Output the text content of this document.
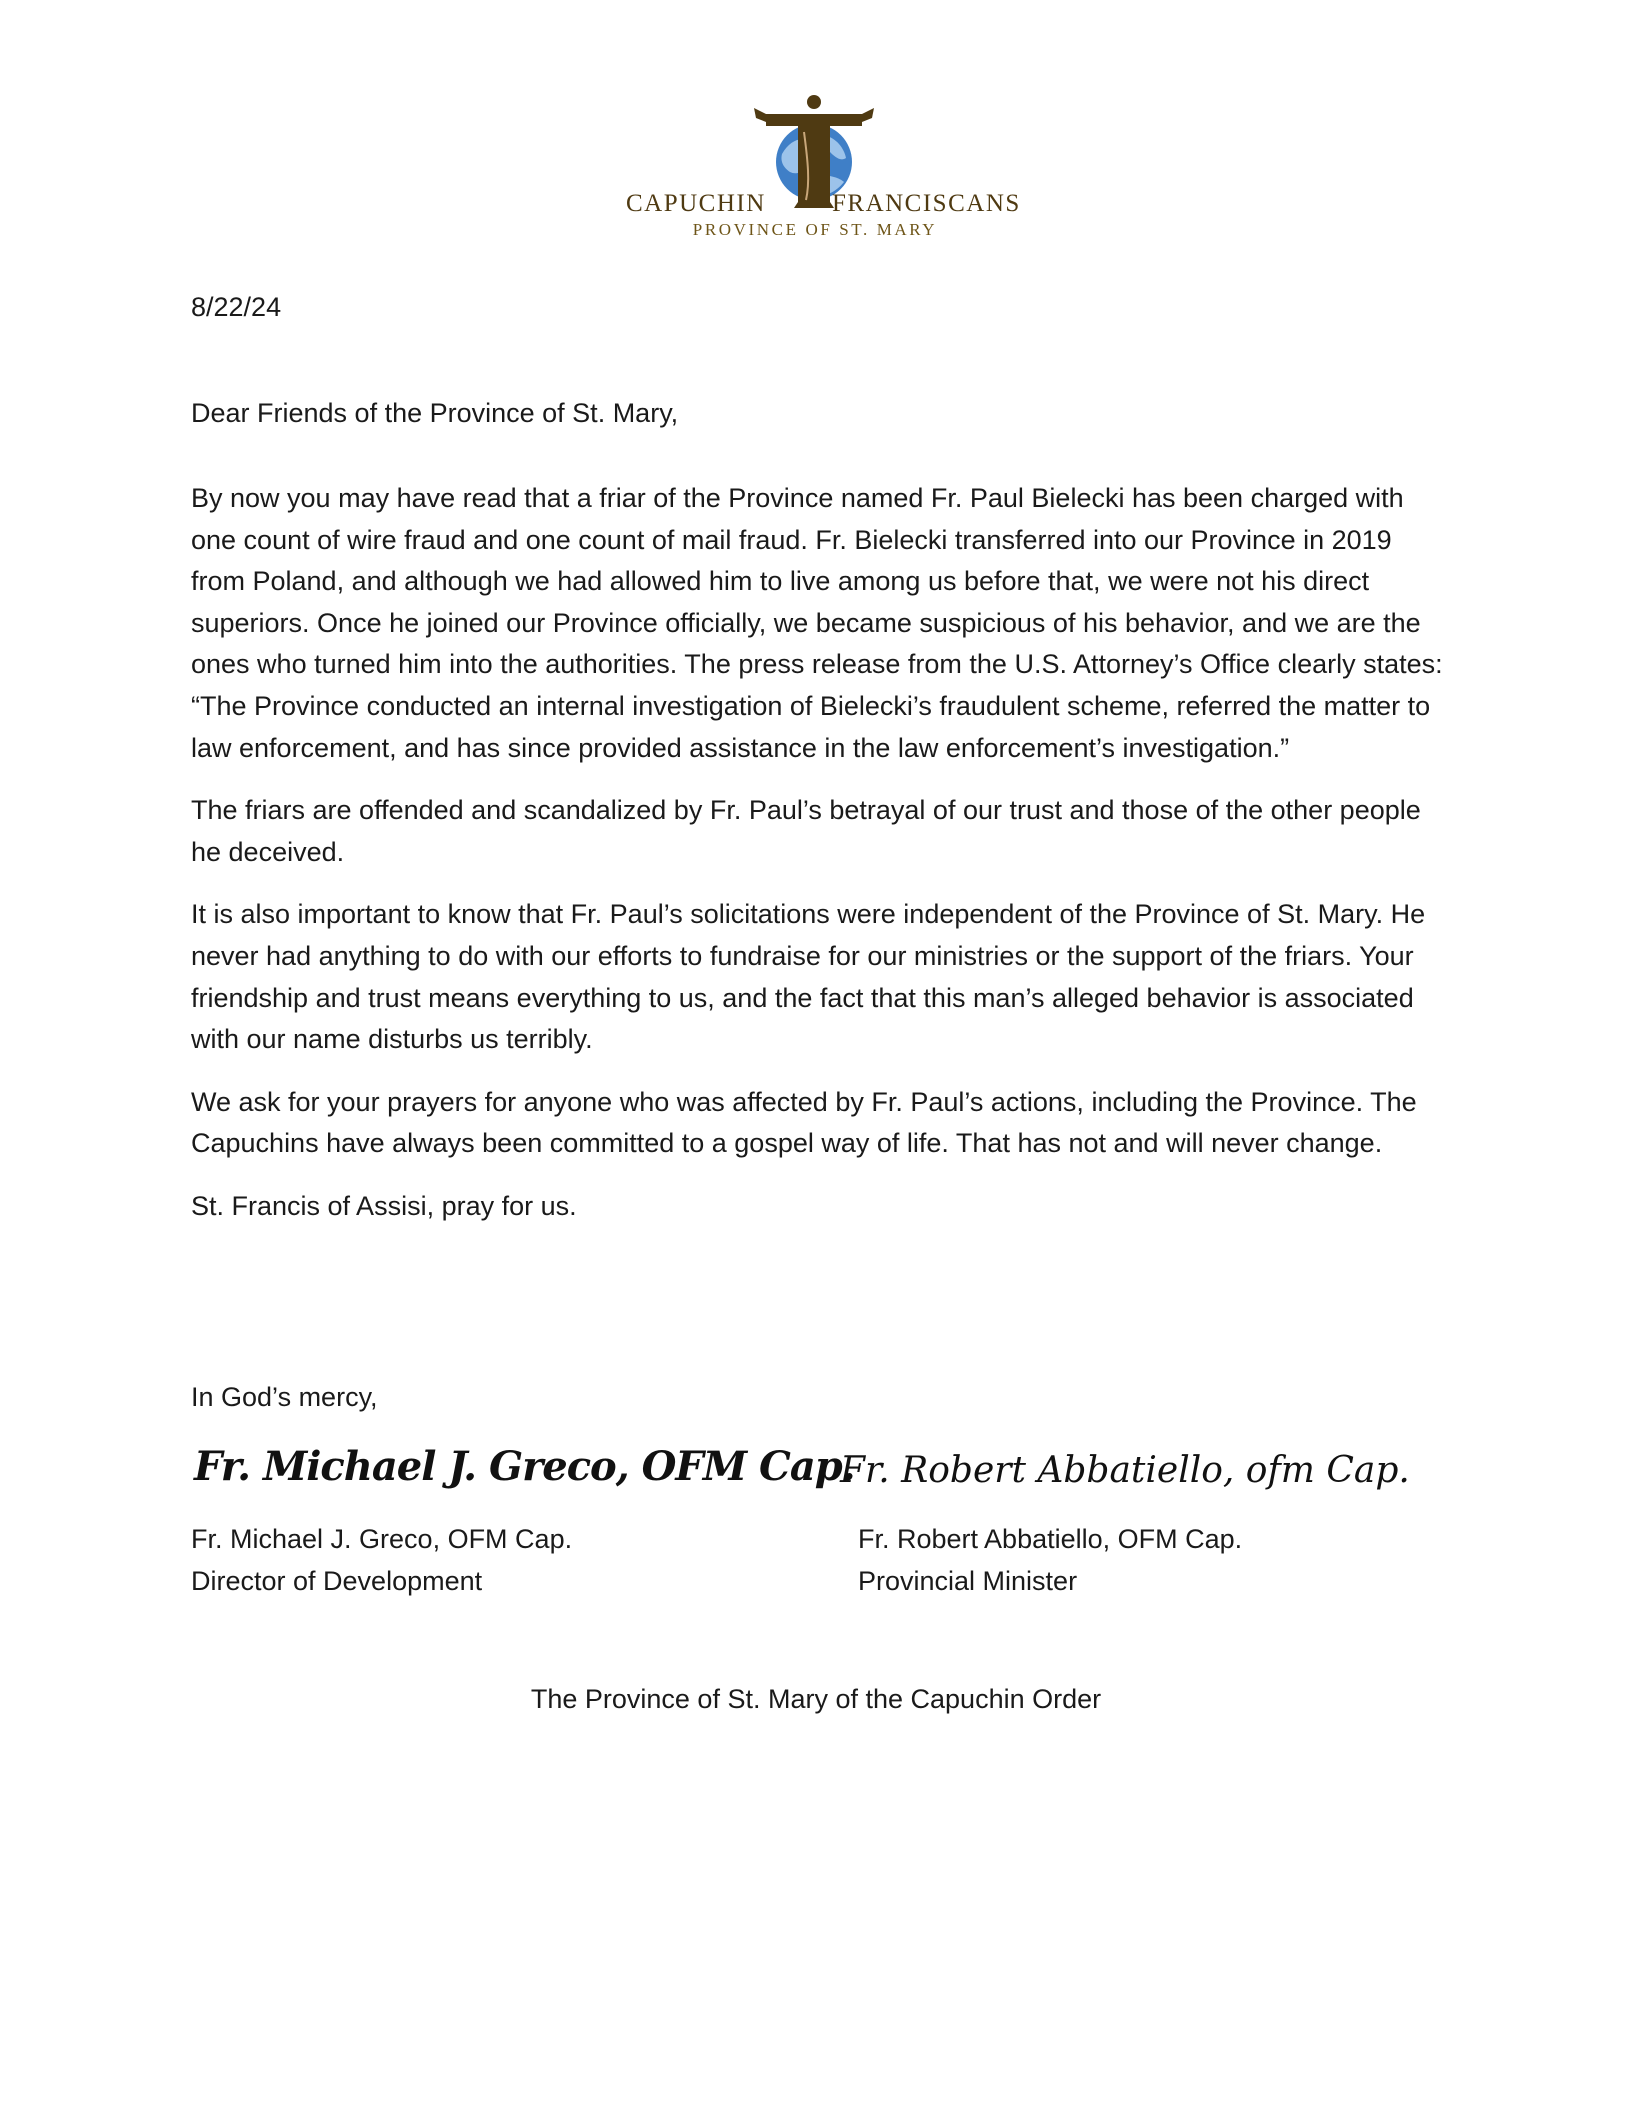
CAPUCHIN	FRANCISCANS
PROVINCE OF ST. MARY
8/22/24
Dear Friends of the Province of St. Mary,

By now you may have read that a friar of the Province named Fr. Paul Bielecki has been charged with one count of wire fraud and one count of mail fraud. Fr. Bielecki transferred into our Province in 2019 from Poland, and although we had allowed him to live among us before that, we were not his direct superiors. Once he joined our Province officially, we became suspicious of his behavior, and we are the ones who turned him into the authorities. The press release from the U.S. Attorney’s Office clearly states: “The Province conducted an internal investigation of Bielecki’s fraudulent scheme, referred the matter to law enforcement, and has since provided assistance in the law enforcement’s investigation.”

The friars are offended and scandalized by Fr. Paul’s betrayal of our trust and those of the other people he deceived.

It is also important to know that Fr. Paul’s solicitations were independent of the Province of St. Mary. He never had anything to do with our efforts to fundraise for our ministries or the support of the friars. Your friendship and trust means everything to us, and the fact that this man’s alleged behavior is associated with our name disturbs us terribly.

We ask for your prayers for anyone who was affected by Fr. Paul’s actions, including the Province. The Capuchins have always been committed to a gospel way of life. That has not and will never change.

St. Francis of Assisi, pray for us.

In God’s mercy,
Fr. Michael J. Greco, OFM Cap.
Fr. Robert Abbatiello, ofm Cap.
Fr. Michael J. Greco, OFM Cap.
Director of Development
Fr. Robert Abbatiello, OFM Cap.
Provincial Minister
The Province of St. Mary of the Capuchin Order
